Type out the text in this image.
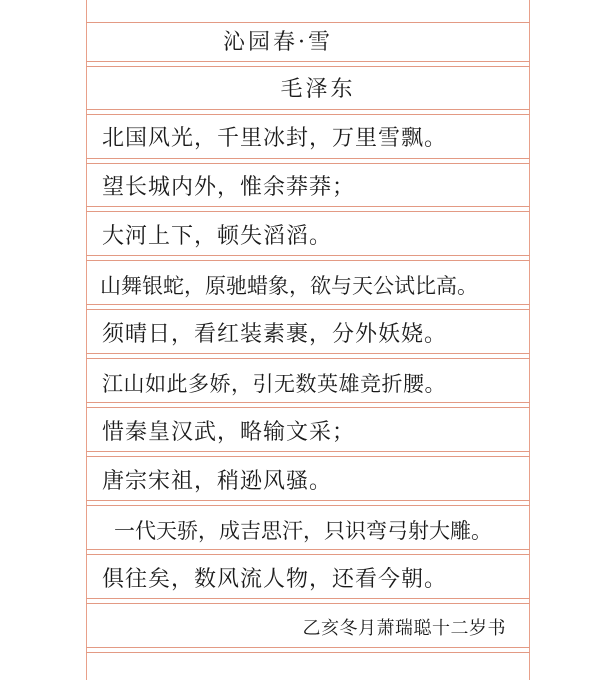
沁园春·雪
毛泽东
北国风光，千里冰封，万里雪飘。
望长城内外，惟余莽莽；
大河上下，顿失滔滔。
山舞银蛇，原驰蜡象，欲与天公试比高。
须晴日，看红装素裹，分外妖娆。
江山如此多娇，引无数英雄竞折腰。
惜秦皇汉武，略输文采；
唐宗宋祖，稍逊风骚。
一代天骄，成吉思汗，只识弯弓射大雕。
俱往矣，数风流人物，还看今朝。
乙亥冬月萧瑞聪十二岁书
